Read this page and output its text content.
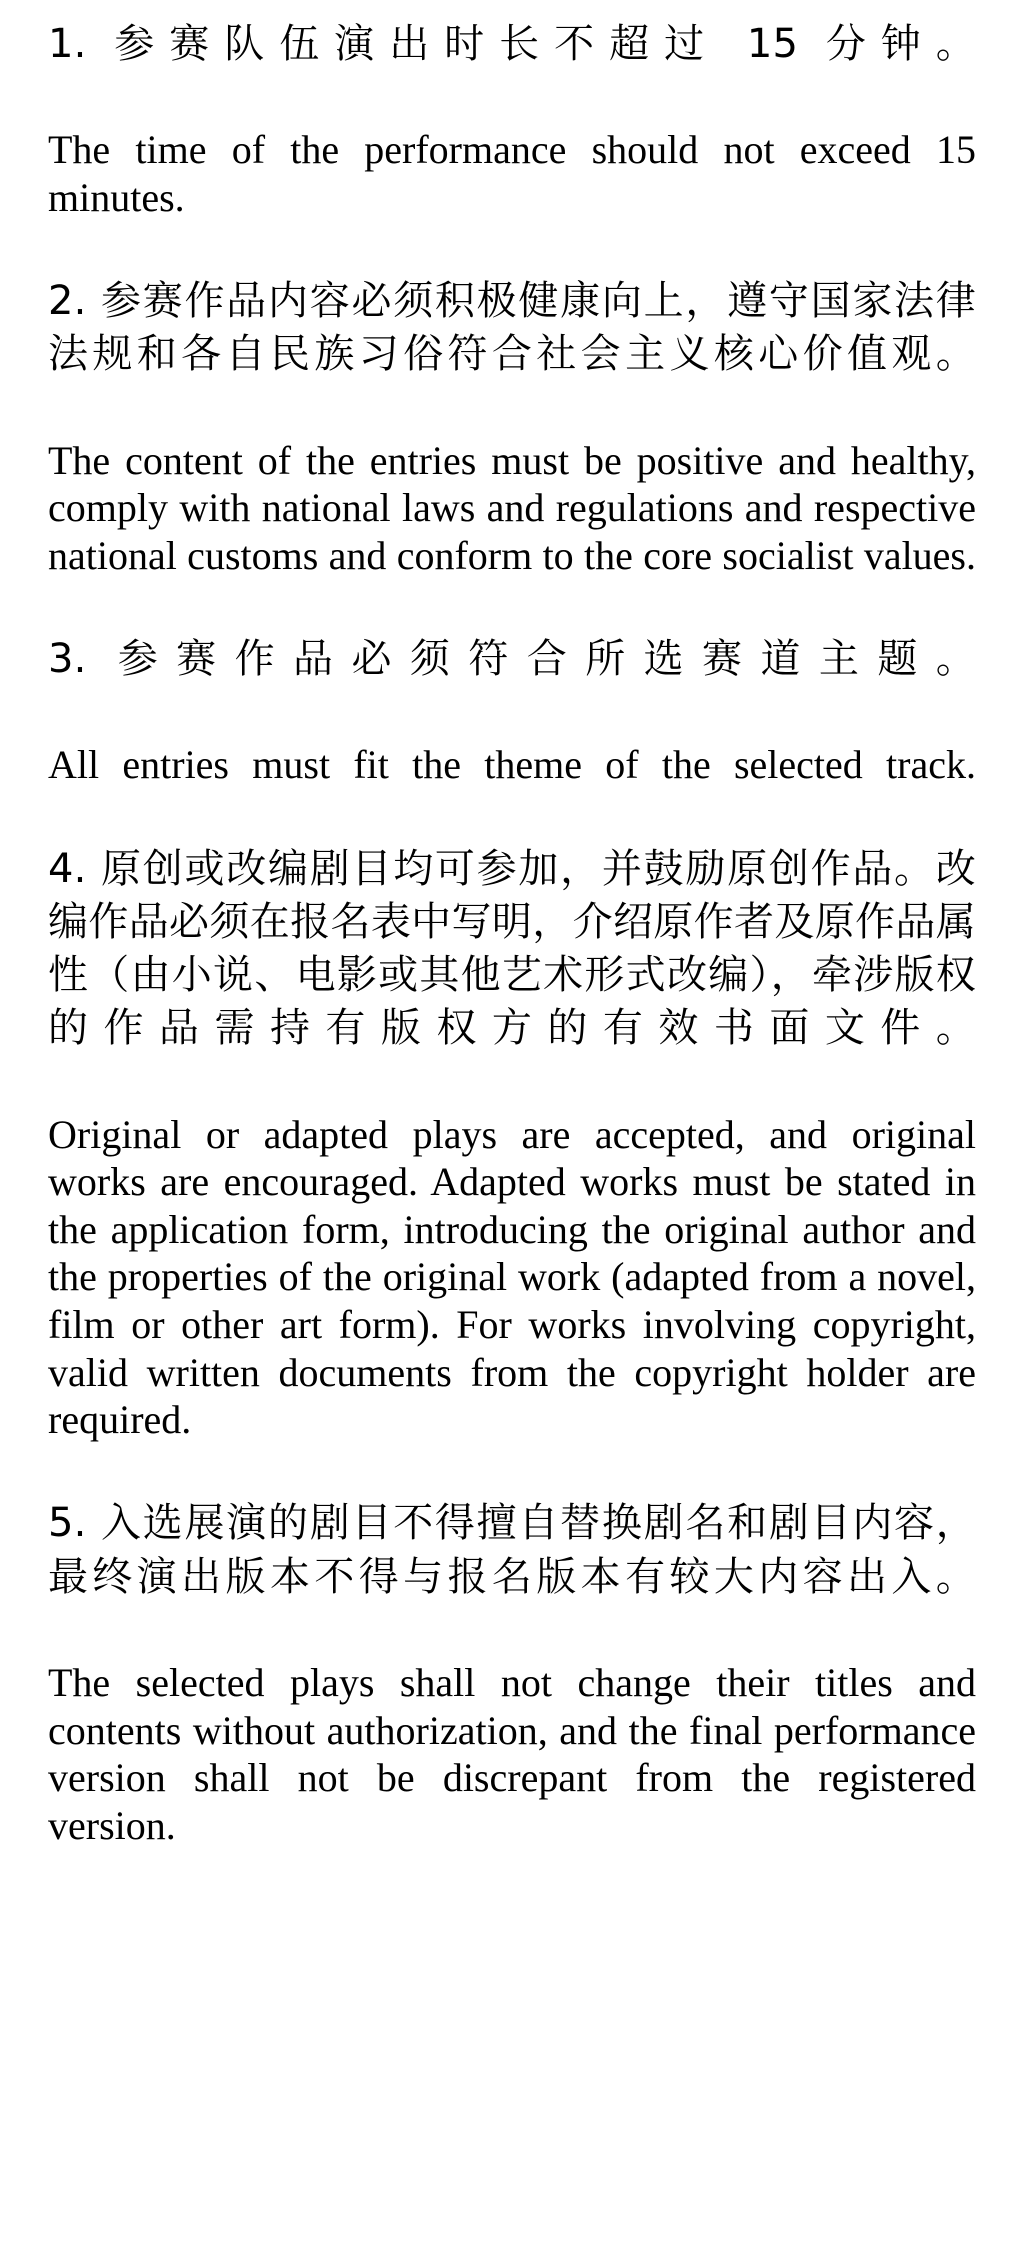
1. 参赛队伍演出时长不超过 15 分钟。

The time of the performance should not exceed 15 minutes.

2. 参赛作品内容必须积极健康向上，遵守国家法律法规和各自民族习俗符合社会主义核心价值观。

The content of the entries must be positive and healthy, comply with national laws and regulations and respective national customs and conform to the core socialist values.

3. 参赛作品必须符合所选赛道主题。

All entries must fit the theme of the selected track.

4. 原创或改编剧目均可参加，并鼓励原创作品。改编作品必须在报名表中写明，介绍原作者及原作品属性（由小说、电影或其他艺术形式改编），牵涉版权的作品需持有版权方的有效书面文件。

Original or adapted plays are accepted, and original works are encouraged. Adapted works must be stated in the application form, introducing the original author and the properties of the original work (adapted from a novel, film or other art form). For works involving copyright, valid written documents from the copyright holder are required.

5. 入选展演的剧目不得擅自替换剧名和剧目内容，最终演出版本不得与报名版本有较大内容出入。

The selected plays shall not change their titles and contents without authorization, and the final performance version shall not be discrepant from the registered version.
